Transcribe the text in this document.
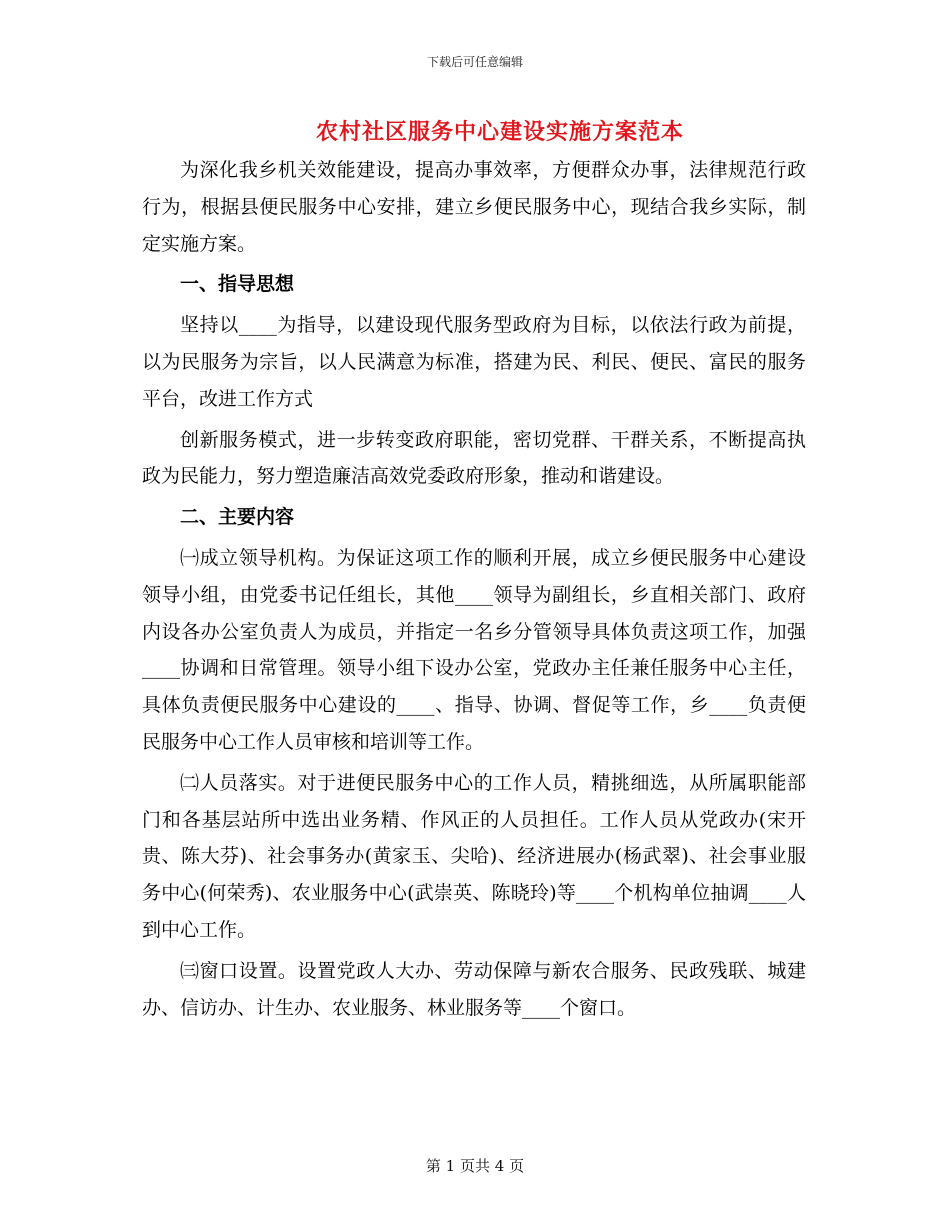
下载后可任意编辑
农村社区服务中心建设实施方案范本

为深化我乡机关效能建设，提高办事效率，方便群众办事，法律规范行政行为，根据县便民服务中心安排，建立乡便民服务中心，现结合我乡实际，制定实施方案。

一、指导思想

坚持以____为指导，以建设现代服务型政府为目标，以依法行政为前提，以为民服务为宗旨，以人民满意为标准，搭建为民、利民、便民、富民的服务平台，改进工作方式

创新服务模式，进一步转变政府职能，密切党群、干群关系，不断提高执政为民能力，努力塑造廉洁高效党委政府形象，推动和谐建设。

二、主要内容

㈠成立领导机构。为保证这项工作的顺利开展，成立乡便民服务中心建设领导小组，由党委书记任组长，其他____领导为副组长，乡直相关部门、政府内设各办公室负责人为成员，并指定一名乡分管领导具体负责这项工作，加强____协调和日常管理。领导小组下设办公室，党政办主任兼任服务中心主任，具体负责便民服务中心建设的____、指导、协调、督促等工作，乡____负责便民服务中心工作人员审核和培训等工作。

㈡人员落实。对于进便民服务中心的工作人员，精挑细选，从所属职能部门和各基层站所中选出业务精、作风正的人员担任。工作人员从党政办(宋开贵、陈大芬)、社会事务办(黄家玉、尖哈)、经济进展办(杨武翠)、社会事业服务中心(何荣秀)、农业服务中心(武崇英、陈晓玲)等____个机构单位抽调____人到中心工作。

㈢窗口设置。设置党政人大办、劳动保障与新农合服务、民政残联、城建办、信访办、计生办、农业服务、林业服务等____个窗口。

第 1 页共 4 页
